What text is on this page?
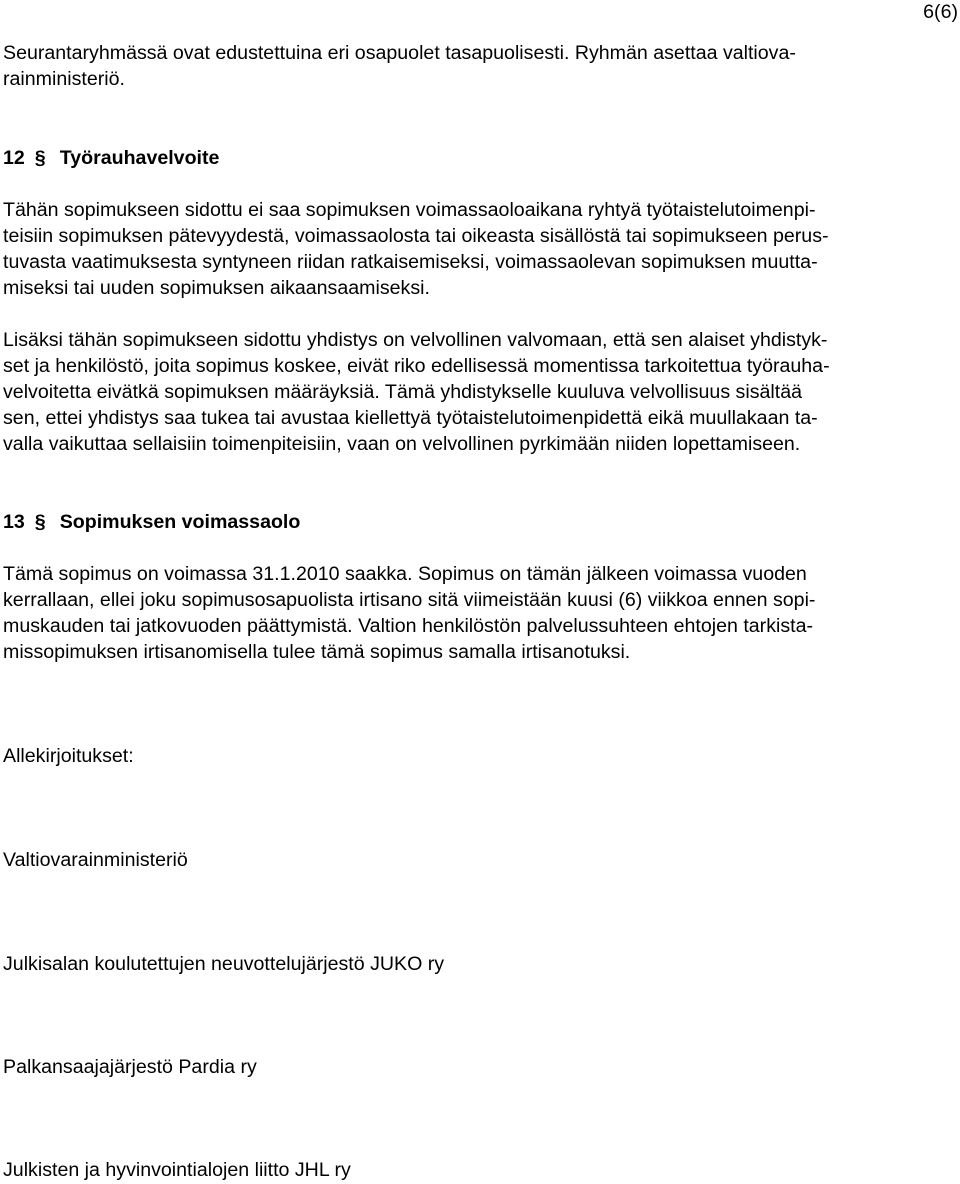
6(6)
Seurantaryhmässä ovat edustettuina eri osapuolet tasapuolisesti. Ryhmän asettaa valtiova-
rainministeriö.
12 § Työrauhavelvoite
Tähän sopimukseen sidottu ei saa sopimuksen voimassaoloaikana ryhtyä työtaistelutoimenpi-
teisiin sopimuksen pätevyydestä, voimassaolosta tai oikeasta sisällöstä tai sopimukseen perus-
tuvasta vaatimuksesta syntyneen riidan ratkaisemiseksi, voimassaolevan sopimuksen muutta-
miseksi tai uuden sopimuksen aikaansaamiseksi.
Lisäksi tähän sopimukseen sidottu yhdistys on velvollinen valvomaan, että sen alaiset yhdistyk-
set ja henkilöstö, joita sopimus koskee, eivät riko edellisessä momentissa tarkoitettua työrauha-
velvoitetta eivätkä sopimuksen määräyksiä. Tämä yhdistykselle kuuluva velvollisuus sisältää
sen, ettei yhdistys saa tukea tai avustaa kiellettyä työtaistelutoimenpidettä eikä muullakaan ta-
valla vaikuttaa sellaisiin toimenpiteisiin, vaan on velvollinen pyrkimään niiden lopettamiseen.
13 § Sopimuksen voimassaolo
Tämä sopimus on voimassa 31.1.2010 saakka. Sopimus on tämän jälkeen voimassa vuoden
kerrallaan, ellei joku sopimusosapuolista irtisano sitä viimeistään kuusi (6) viikkoa ennen sopi-
muskauden tai jatkovuoden päättymistä. Valtion henkilöstön palvelussuhteen ehtojen tarkista-
missopimuksen irtisanomisella tulee tämä sopimus samalla irtisanotuksi.
Allekirjoitukset:
Valtiovarainministeriö
Julkisalan koulutettujen neuvottelujärjestö JUKO ry
Palkansaajajärjestö Pardia ry
Julkisten ja hyvinvointialojen liitto JHL ry
